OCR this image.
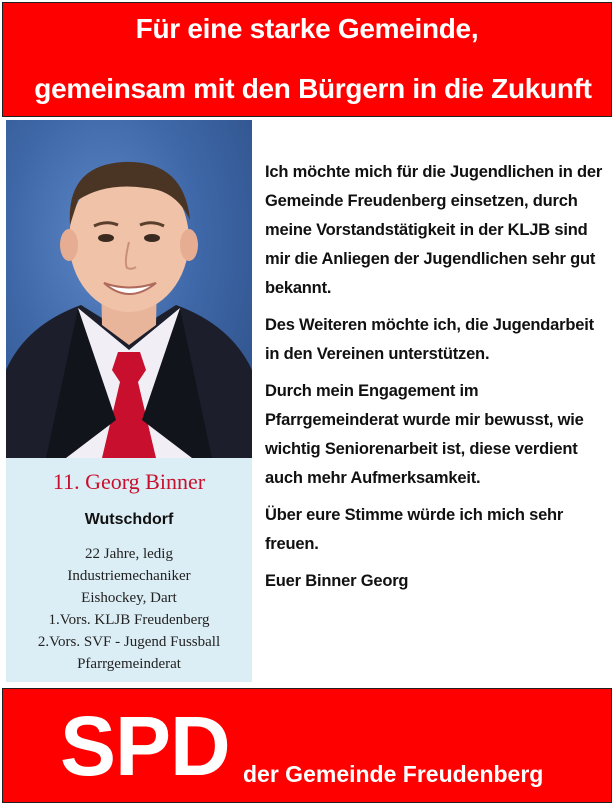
Für eine starke Gemeinde,
gemeinsam mit den Bürgern in die Zukunft
11. Georg Binner
Wutschdorf
22 Jahre, ledig
Industriemechaniker
Eishockey, Dart
1.Vors. KLJB Freudenberg
2.Vors. SVF - Jugend Fussball
Pfarrgemeinderat

Ich möchte mich für die Jugendlichen in der Gemeinde Freudenberg einsetzen, durch meine Vorstandstätigkeit in der KLJB sind mir die Anliegen der Jugendlichen sehr gut bekannt.

Des Weiteren möchte ich, die Jugendarbeit in den Vereinen unterstützen.

Durch mein Engagement im Pfarrgemeinderat wurde mir bewusst, wie wichtig Seniorenarbeit ist, diese verdient auch mehr Aufmerksamkeit.

Über eure Stimme würde ich mich sehr freuen.

Euer Binner Georg

SPD der Gemeinde Freudenberg
